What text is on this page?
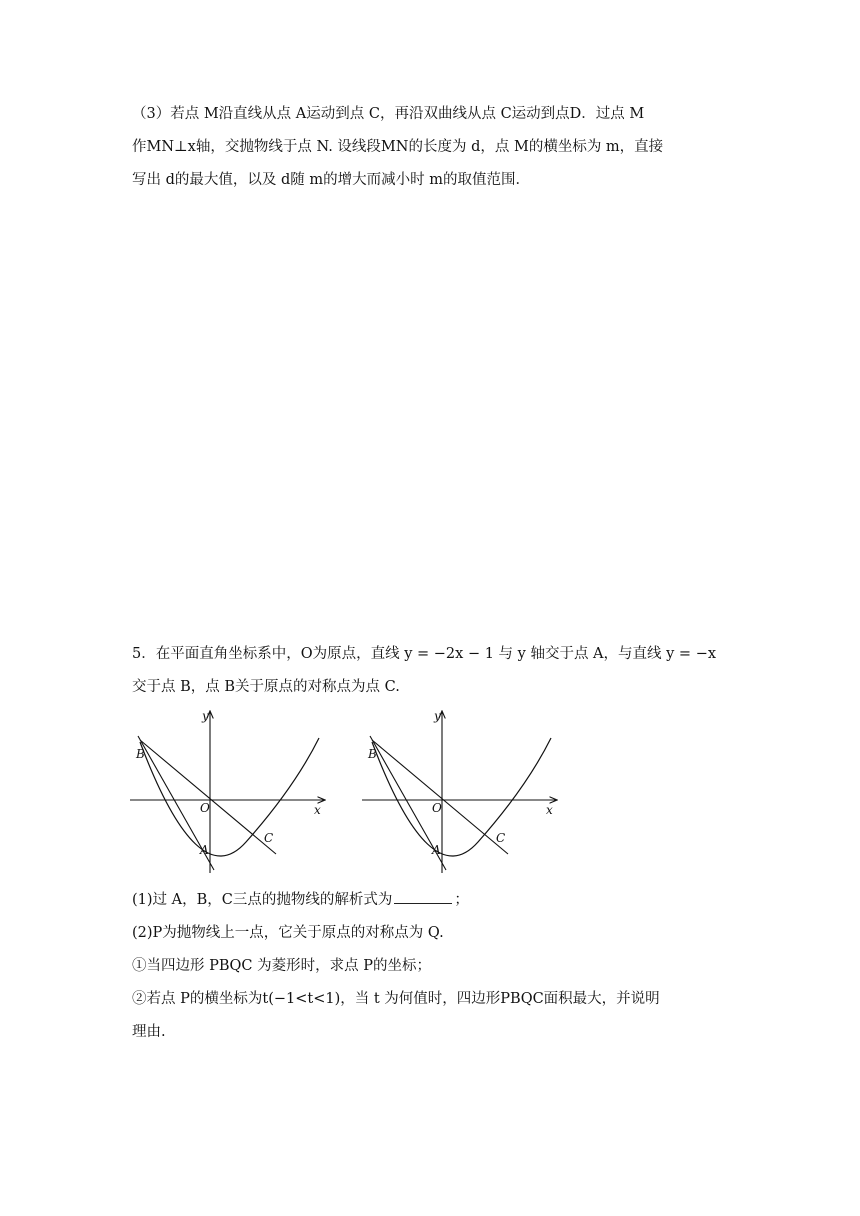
（3）若点 M沿直线从点 A运动到点 C，再沿双曲线从点 C运动到点D．过点 M
作MN⊥x轴，交抛物线于点 N. 设线段MN的长度为 d，点 M的横坐标为 m，直接
写出 d的最大值，以及 d随 m的增大而减小时 m的取值范围．

5．在平面直角坐标系中，O为原点，直线 y = −2x − 1 与 y 轴交于点 A，与直线 y = −x
交于点 B，点 B关于原点的对称点为点 C.

y
x
O
A
B
C
y
x
O
A
B
C

(1)过 A，B，C三点的抛物线的解析式为	；
(2)P为抛物线上一点，它关于原点的对称点为 Q.
①当四边形 PBQC 为菱形时，求点 P的坐标；
②若点 P的横坐标为t(−1<t<1)，当 t 为何值时，四边形PBQC面积最大，并说明
理由.
